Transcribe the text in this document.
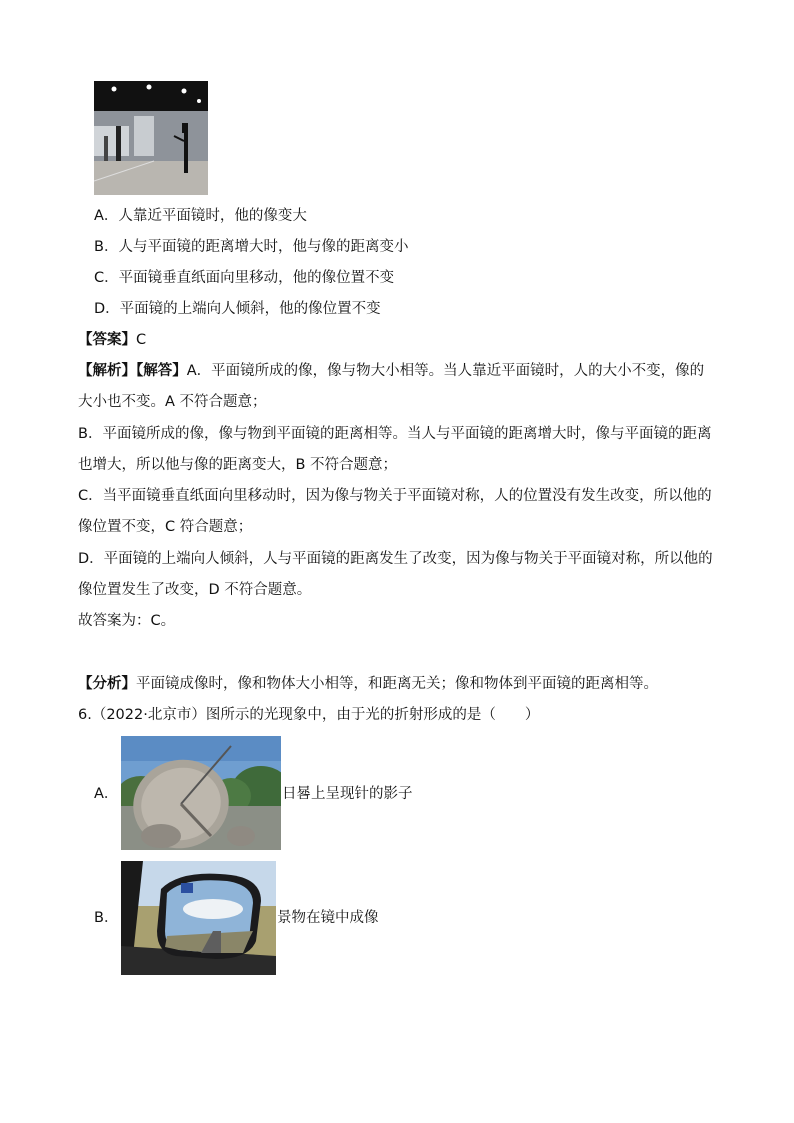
A．人靠近平面镜时，他的像变大
B．人与平面镜的距离增大时，他与像的距离变小
C．平面镜垂直纸面向里移动，他的像位置不变
D．平面镜的上端向人倾斜，他的像位置不变
【答案】C
【解析】【解答】A．平面镜所成的像，像与物大小相等。当人靠近平面镜时，人的大小不变，像的
大小也不变。A 不符合题意；
B．平面镜所成的像，像与物到平面镜的距离相等。当人与平面镜的距离增大时，像与平面镜的距离
也增大，所以他与像的距离变大，B 不符合题意；
C．当平面镜垂直纸面向里移动时，因为像与物关于平面镜对称，人的位置没有发生改变，所以他的
像位置不变，C 符合题意；
D．平面镜的上端向人倾斜，人与平面镜的距离发生了改变，因为像与物关于平面镜对称，所以他的
像位置发生了改变，D 不符合题意。
故答案为：C。
【分析】平面镜成像时，像和物体大小相等，和距离无关；像和物体到平面镜的距离相等。
6.（2022·北京市）图所示的光现象中，由于光的折射形成的是（　　）
A．	日晷上呈现针的影子
B．	景物在镜中成像
